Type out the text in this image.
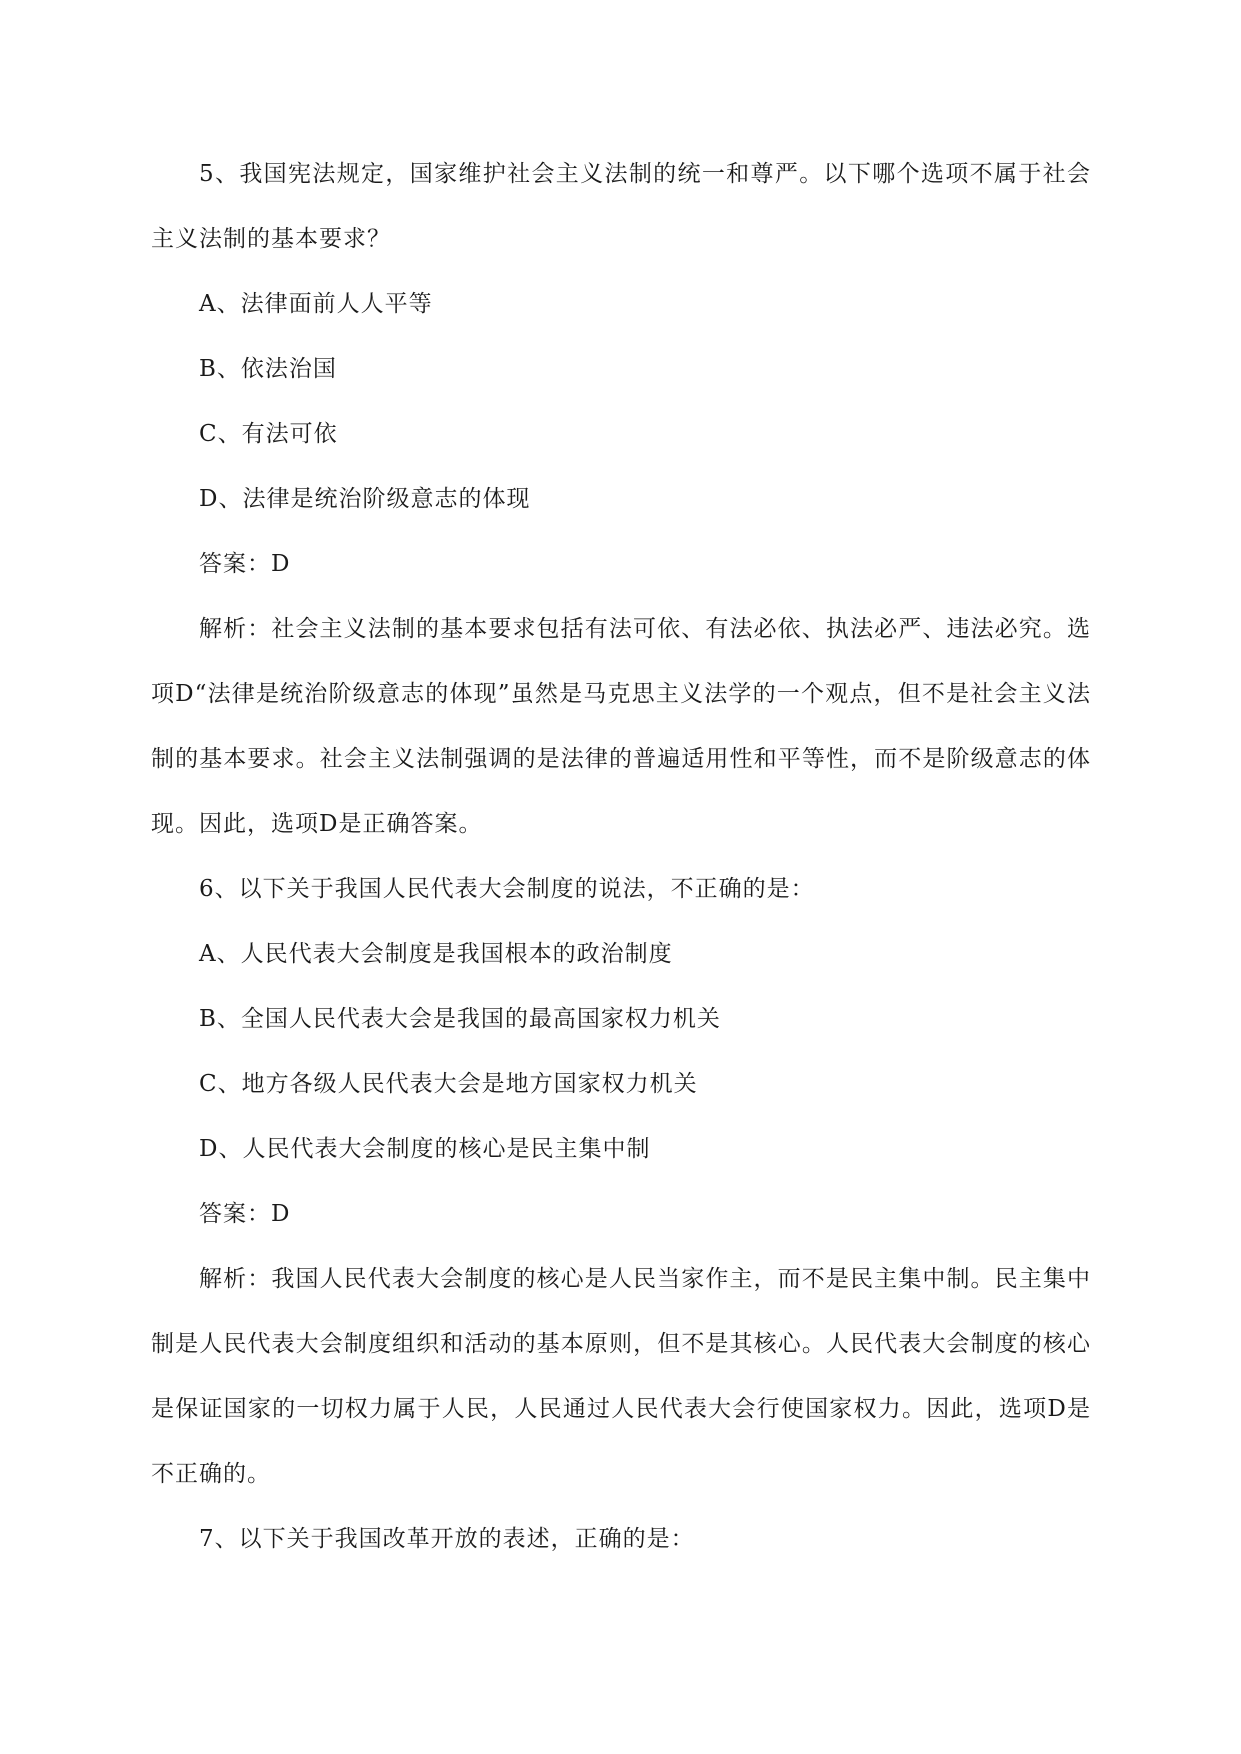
5、我国宪法规定，国家维护社会主义法制的统一和尊严。以下哪个选项不属于社会主义法制的基本要求？

A、法律面前人人平等

B、依法治国

C、有法可依

D、法律是统治阶级意志的体现

答案：D

解析：社会主义法制的基本要求包括有法可依、有法必依、执法必严、违法必究。选项D“法律是统治阶级意志的体现”虽然是马克思主义法学的一个观点，但不是社会主义法制的基本要求。社会主义法制强调的是法律的普遍适用性和平等性，而不是阶级意志的体现。因此，选项D是正确答案。

6、以下关于我国人民代表大会制度的说法，不正确的是：

A、人民代表大会制度是我国根本的政治制度

B、全国人民代表大会是我国的最高国家权力机关

C、地方各级人民代表大会是地方国家权力机关

D、人民代表大会制度的核心是民主集中制

答案：D

解析：我国人民代表大会制度的核心是人民当家作主，而不是民主集中制。民主集中制是人民代表大会制度组织和活动的基本原则，但不是其核心。人民代表大会制度的核心是保证国家的一切权力属于人民，人民通过人民代表大会行使国家权力。因此，选项D是不正确的。

7、以下关于我国改革开放的表述，正确的是：
